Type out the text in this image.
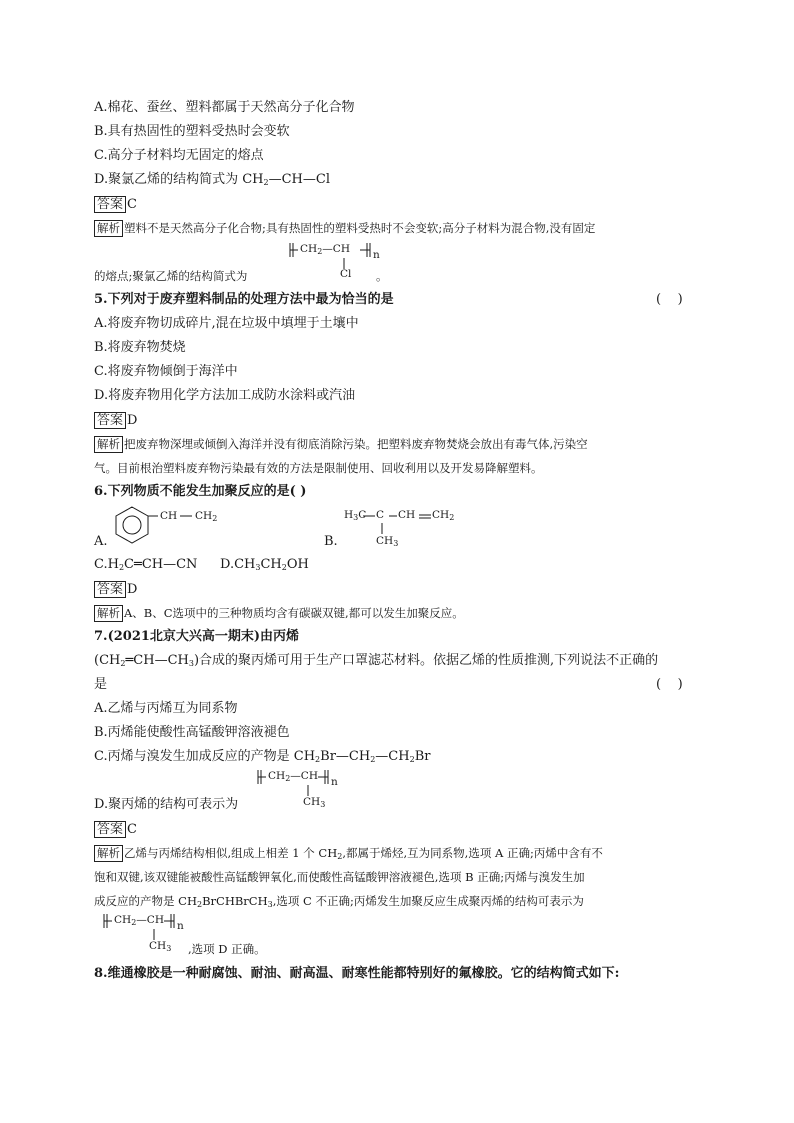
A.棉花、蚕丝、塑料都属于天然高分子化合物
B.具有热固性的塑料受热时会变软
C.高分子材料均无固定的熔点
D.聚氯乙烯的结构简式为 $CH_2—CH—Cl$
答案 C
解析 塑料不是天然高分子化合物;具有热固性的塑料受热时不会变软;高分子材料为混合物,没有固定
的熔点;聚氯乙烯的结构简式为	。
$CH_2—CH$ n
Cl
5.下列对于废弃塑料制品的处理方法中最为恰当的是	(    )
A.将废弃物切成碎片,混在垃圾中填埋于土壤中
B.将废弃物焚烧
C.将废弃物倾倒于海洋中
D.将废弃物用化学方法加工成防水涂料或汽油
答案 D
解析 把废弃物深埋或倾倒入海洋并没有彻底消除污染。把塑料废弃物焚烧会放出有毒气体,污染空
气。目前根治塑料废弃物污染最有效的方法是限制使用、回收利用以及开发易降解塑料。
6.下列物质不能发生加聚反应的是( )
A.
CH $CH_2$
B.
$H_3C$ C CH $CH_2$
$CH_3$
$C.H_2C═CH—CN$ $D.CH_3CH_2OH$
答案 D
解析 A、B、C选项中的三种物质均含有碳碳双键,都可以发生加聚反应。
7.(2021北京大兴高一期末)由丙烯
$(CH_2═CH—CH_3)$合成的聚丙烯可用于生产口罩滤芯材料。依据乙烯的性质推测,下列说法不正确的
是	(    )
A.乙烯与丙烯互为同系物
B.丙烯能使酸性高锰酸钾溶液褪色
C.丙烯与溴发生加成反应的产物是 $CH_2Br—CH_2—CH_2Br$
$CH_2—CH$ n
$CH_3$
D.聚丙烯的结构可表示为
答案 C
解析 乙烯与丙烯结构相似,组成上相差 1 个 $CH_2$,都属于烯烃,互为同系物,选项 A 正确;丙烯中含有不
饱和双键,该双键能被酸性高锰酸钾氧化,而使酸性高锰酸钾溶液褪色,选项 B 正确;丙烯与溴发生加
成反应的产物是 $CH_2BrCHBrCH_3$,选项 C 不正确;丙烯发生加聚反应生成聚丙烯的结构可表示为
$CH_2—CH$ n
$CH_3$ ,选项 D 正确。
8.维通橡胶是一种耐腐蚀、耐油、耐高温、耐寒性能都特别好的氟橡胶。它的结构简式如下:
